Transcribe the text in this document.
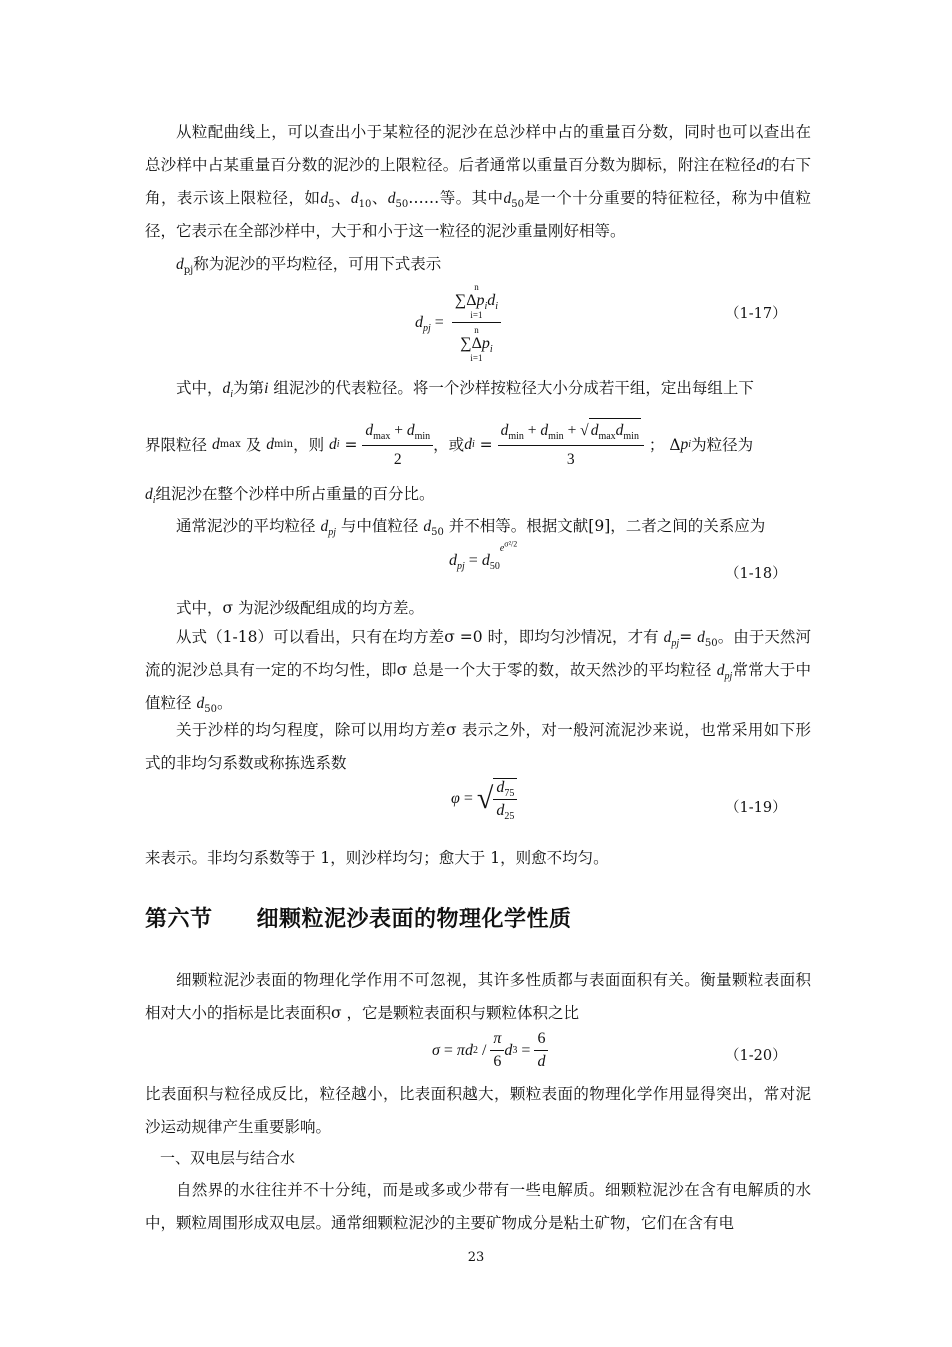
从粒配曲线上，可以查出小于某粒径的泥沙在总沙样中占的重量百分数，同时也可以查出在总沙样中占某重量百分数的泥沙的上限粒径。后者通常以重量百分数为脚标，附注在粒径d的右下角，表示该上限粒径，如$d_5$、$d_{10}$、$d_{50}\dots\dots$等。其中$d_{50}$是一个十分重要的特征粒径，称为中值粒径，它表示在全部沙样中，大于和小于这一粒径的泥沙重量刚好相等。

$d_{pj}$称为泥沙的平均粒径，可用下式表示

$d_{pj} = n$
$\sum\Delta p_id_i$
i=1
n
$\sum\Delta p_i$
i=1	（1-17）
式中，$d_i$为第i 组泥沙的代表粒径。将一个沙样按粒径大小分成若干组，定出每组上下
界限粒径
d max
及
d min ，则
d $i = \frac{d_{max} + d_{min}}{2}$ ，或 d $i = \frac{d_{min} + d_{min} + √ d_{max}d_{min}}{3}$
； Δ p i 为粒径为
$d_i$组泥沙在整个沙样中所占重量的百分比。
通常泥沙的平均粒径 $d_{pj}$ 与中值粒径 $d_{50}$ 并不相等。根据文献[9]，二者之间的关系应为
$d_{pj} = d_{50}^{e^{\sigma^2/2}}$
（1-18）
式中，σ 为泥沙级配组成的均方差。

从式（1-18）可以看出，只有在均方差σ =0 时，即均匀沙情况，才有 $d_{pj}= d_{50}$。由于天然河流的泥沙总具有一定的不均匀性，即σ 总是一个大于零的数，故天然沙的平均粒径 $d_{pj}$常常大于中值粒径 $d_{50}$。

关于沙样的均匀程度，除可以用均方差σ 表示之外，对一般河流泥沙来说，也常采用如下形式的非均匀系数或称拣选系数

φ = √ $\frac{d_{75}}{d_{25}}$	（1-19）
来表示。非均匀系数等于 1，则沙样均匀；愈大于 1，则愈不均匀。
第六节 细颗粒泥沙表面的物理化学性质

细颗粒泥沙表面的物理化学作用不可忽视，其许多性质都与表面面积有关。衡量颗粒表面积相对大小的指标是比表面积σ ，它是颗粒表面积与颗粒体积之比

σ = πd $2 / \frac{\pi}{6}$ d $3 = \frac{6}{d}$	（1-20）

比表面积与粒径成反比，粒径越小，比表面积越大，颗粒表面的物理化学作用显得突出，常对泥沙运动规律产生重要影响。

一、双电层与结合水

自然界的水往往并不十分纯，而是或多或少带有一些电解质。细颗粒泥沙在含有电解质的水中，颗粒周围形成双电层。通常细颗粒泥沙的主要矿物成分是粘土矿物，它们在含有电

23
